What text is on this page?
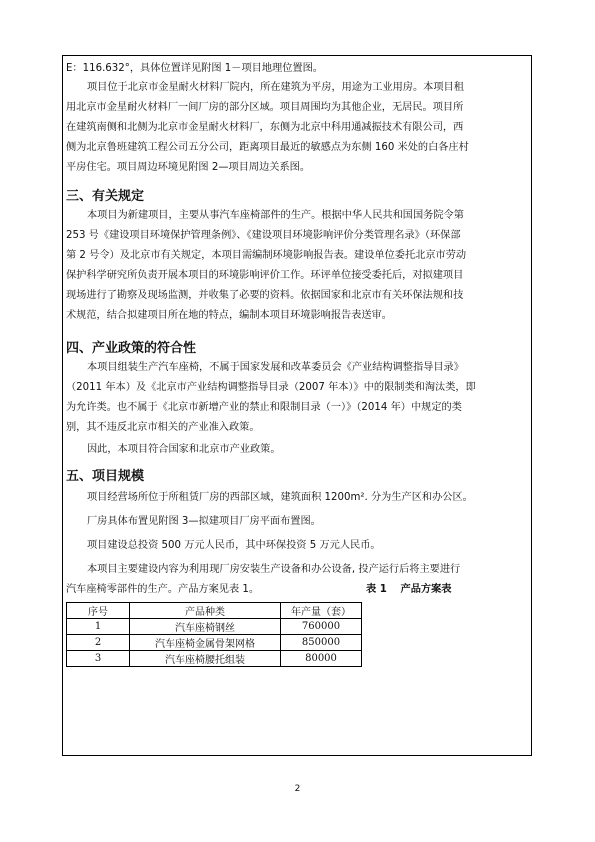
E：116.632°，具体位置详见附图 1－项目地理位置图。
项目位于北京市金星耐火材料厂院内，所在建筑为平房，用途为工业用房。本项目租
用北京市金星耐火材料厂一间厂房的部分区域。项目周围均为其他企业，无居民。项目所
在建筑南侧和北侧为北京市金星耐火材料厂，东侧为北京中科用通减振技术有限公司，西
侧为北京鲁班建筑工程公司五分公司，距离项目最近的敏感点为东侧 160 米处的白各庄村
平房住宅。项目周边环境见附图 2—项目周边关系图。
三、有关规定
本项目为新建项目，主要从事汽车座椅部件的生产。根据中华人民共和国国务院令第
253 号《建设项目环境保护管理条例》、《建设项目环境影响评价分类管理名录》（环保部
第 2 号令）及北京市有关规定，本项目需编制环境影响报告表。建设单位委托北京市劳动
保护科学研究所负责开展本项目的环境影响评价工作。环评单位接受委托后，对拟建项目
现场进行了勘察及现场监测，并收集了必要的资料。依据国家和北京市有关环保法规和技
术规范，结合拟建项目所在地的特点，编制本项目环境影响报告表送审。
四、产业政策的符合性
本项目组装生产汽车座椅，不属于国家发展和改革委员会《产业结构调整指导目录》
（2011 年本）及《北京市产业结构调整指导目录（2007 年本）》中的限制类和淘汰类，即
为允许类。也不属于《北京市新增产业的禁止和限制目录（一）》（2014 年）中规定的类
别，其不违反北京市相关的产业准入政策。
因此，本项目符合国家和北京市产业政策。
五、项目规模
项目经营场所位于所租赁厂房的西部区域，建筑面积 1200m². 分为生产区和办公区。
厂房具体布置见附图 3—拟建项目厂房平面布置图。
项目建设总投资 500 万元人民币，其中环保投资 5 万元人民币。
本项目主要建设内容为利用现厂房安装生产设备和办公设备, 投产运行后将主要进行
汽车座椅零部件的生产。产品方案见表 1。	表 1　 产品方案表
序号	产品种类	年产量（套）
1	汽车座椅钢丝	760000
2	汽车座椅金属骨架网格	850000
3	汽车座椅腰托组装	80000
2
